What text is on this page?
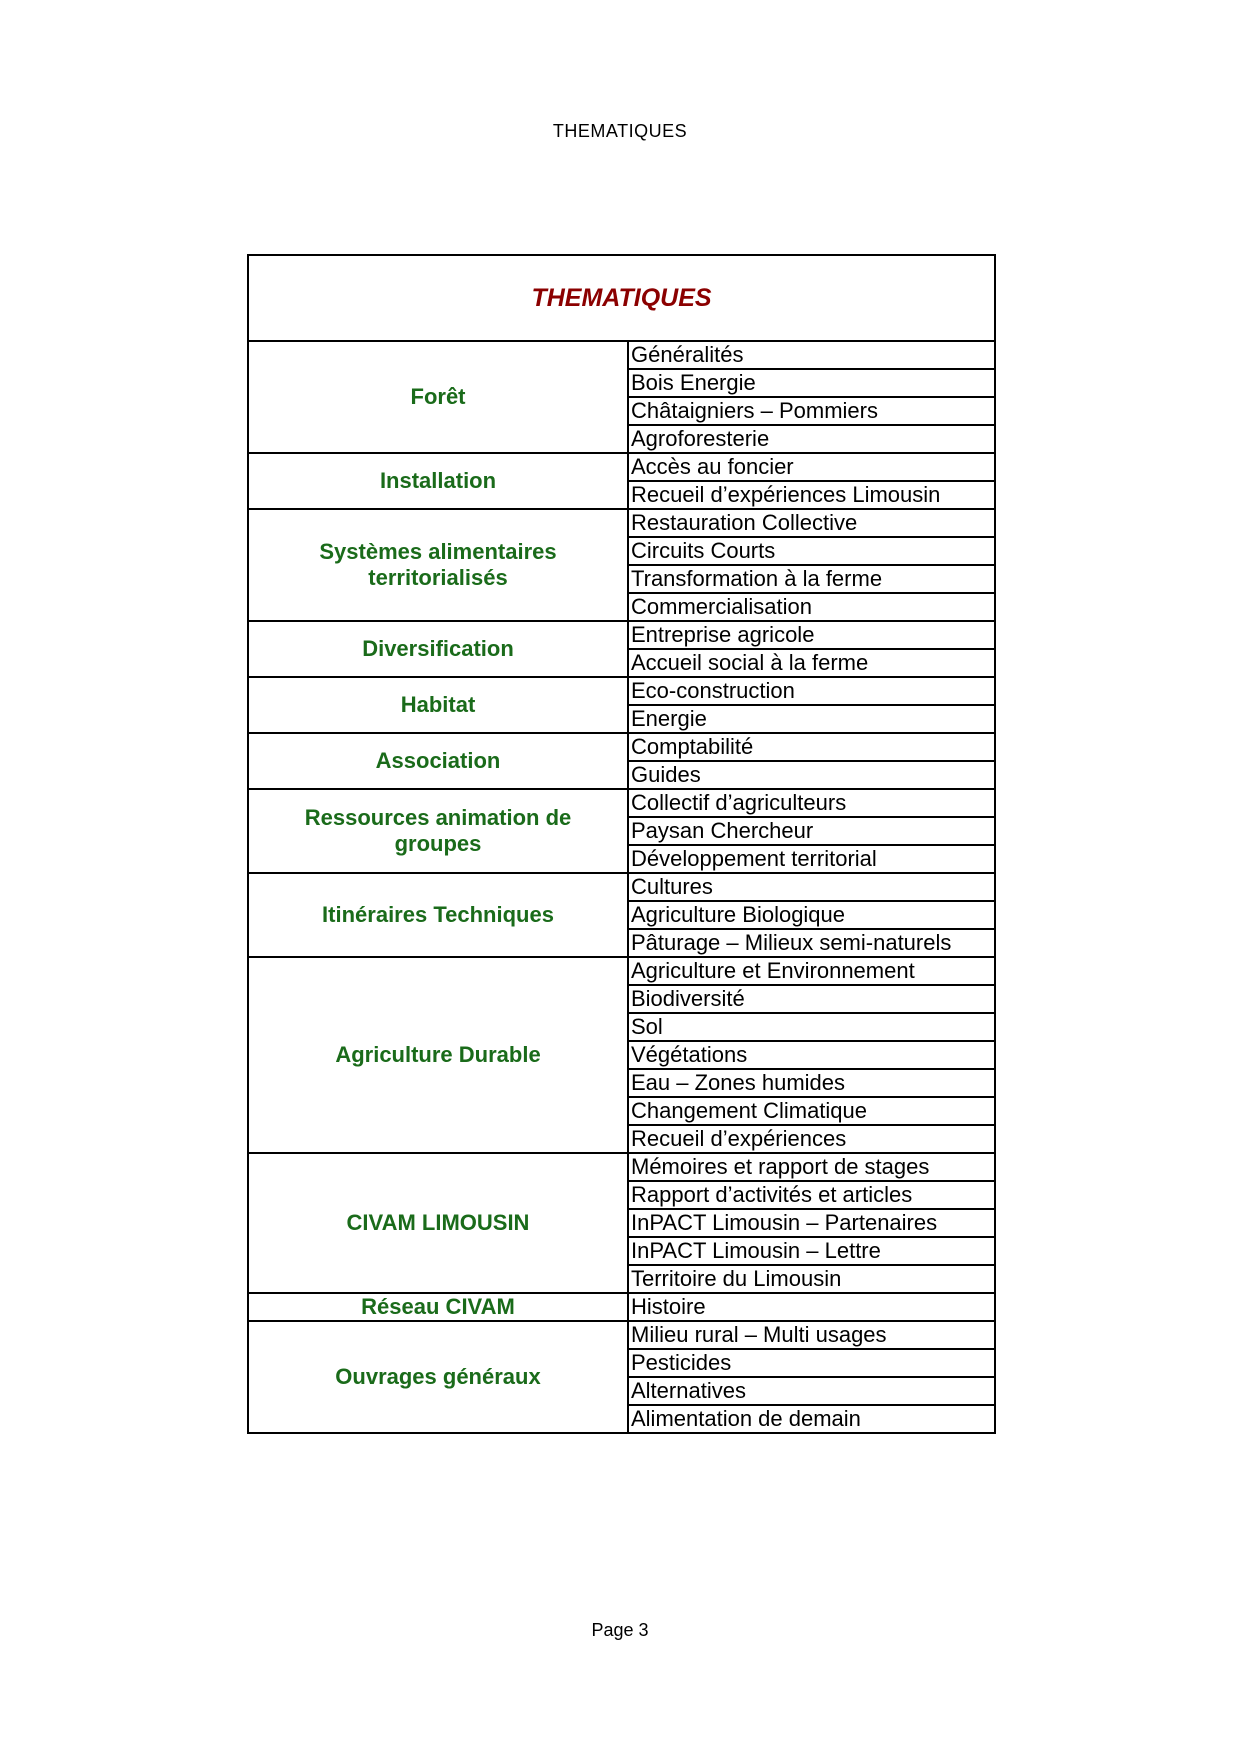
THEMATIQUES
THEMATIQUES	
Forêt	Généralités
	Bois Energie
	Châtaigniers – Pommiers
	Agroforesterie
Installation	Accès au foncier
	Recueil d’expériences Limousin
Systèmes alimentaires territorialisés	Restauration Collective
	Circuits Courts
	Transformation à la ferme
	Commercialisation
Diversification	Entreprise agricole
	Accueil social à la ferme
Habitat	Eco-construction
	Energie
Association	Comptabilité
	Guides
Ressources animation de groupes	Collectif d’agriculteurs
	Paysan Chercheur
	Développement territorial
Itinéraires Techniques	Cultures
	Agriculture Biologique
	Pâturage – Milieux semi-naturels
Agriculture Durable	Agriculture et Environnement
	Biodiversité
	Sol
	Végétations
	Eau – Zones humides
	Changement Climatique
	Recueil d’expériences
CIVAM LIMOUSIN	Mémoires et rapport de stages
	Rapport d’activités et articles
	InPACT Limousin – Partenaires
	InPACT Limousin – Lettre
	Territoire du Limousin
Réseau CIVAM	Histoire
Ouvrages généraux	Milieu rural – Multi usages
	Pesticides
	Alternatives
	Alimentation de demain
Page 3
